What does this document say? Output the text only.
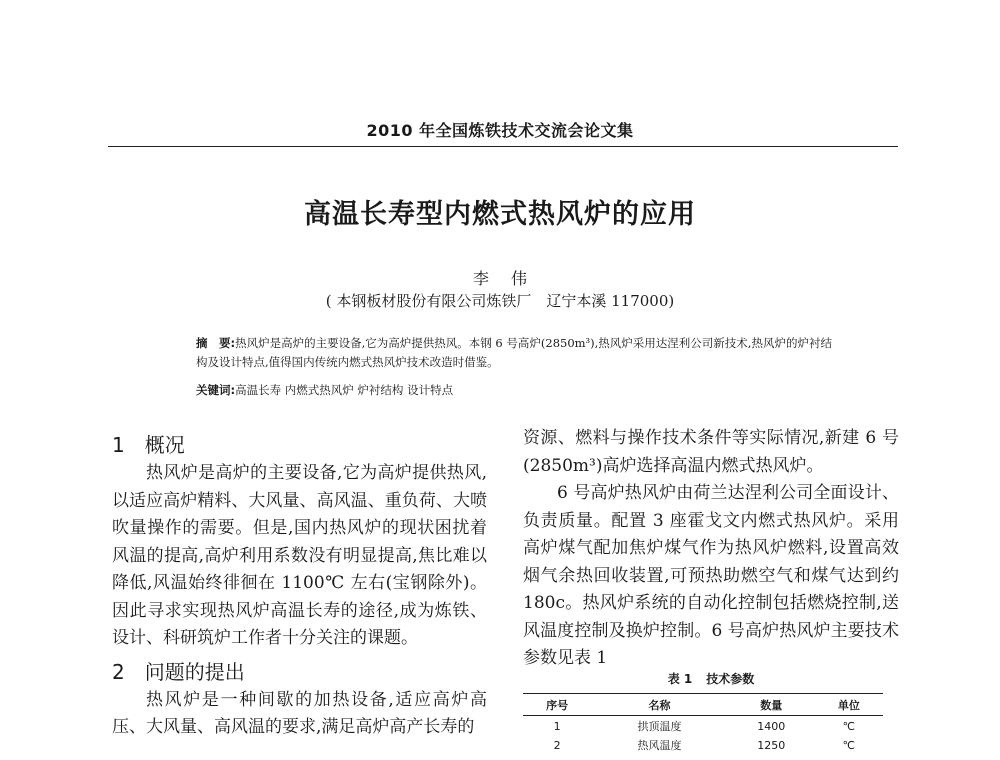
2010 年全国炼铁技术交流会论文集
高温长寿型内燃式热风炉的应用
李伟
( 本钢板材股份有限公司炼铁厂　辽宁本溪 117000)
摘　要:热风炉是高炉的主要设备,它为高炉提供热风。本钢 6 号高炉(2850m³),热风炉采用达涅利公司新技术,热风炉的炉衬结构及设计特点,值得国内传统内燃式热风炉技术改造时借鉴。
关键词:高温长寿 内燃式热风炉 炉衬结构 设计特点
1 概况

热风炉是高炉的主要设备,它为高炉提供热风,以适应高炉精料、大风量、高风温、重负荷、大喷吹量操作的需要。但是,国内热风炉的现状困扰着风温的提高,高炉利用系数没有明显提高,焦比难以降低,风温始终徘徊在 1100℃ 左右(宝钢除外)。因此寻求实现热风炉高温长寿的途径,成为炼铁、设计、科研筑炉工作者十分关注的课题。

2 问题的提出

热风炉是一种间歇的加热设备,适应高炉高压、大风量、高风温的要求,满足高炉高产长寿的

资源、燃料与操作技术条件等实际情况,新建 6 号(2850m³)高炉选择高温内燃式热风炉。

6 号高炉热风炉由荷兰达涅利公司全面设计、负责质量。配置 3 座霍戈文内燃式热风炉。采用高炉煤气配加焦炉煤气作为热风炉燃料,设置高效烟气余热回收装置,可预热助燃空气和煤气达到约 180c。热风炉系统的自动化控制包括燃烧控制,送风温度控制及换炉控制。6 号高炉热风炉主要技术参数见表 1

表 1 技术参数
序号	名称	数量	单位
1	拱顶温度	1400	℃
2	热风温度	1250	℃
